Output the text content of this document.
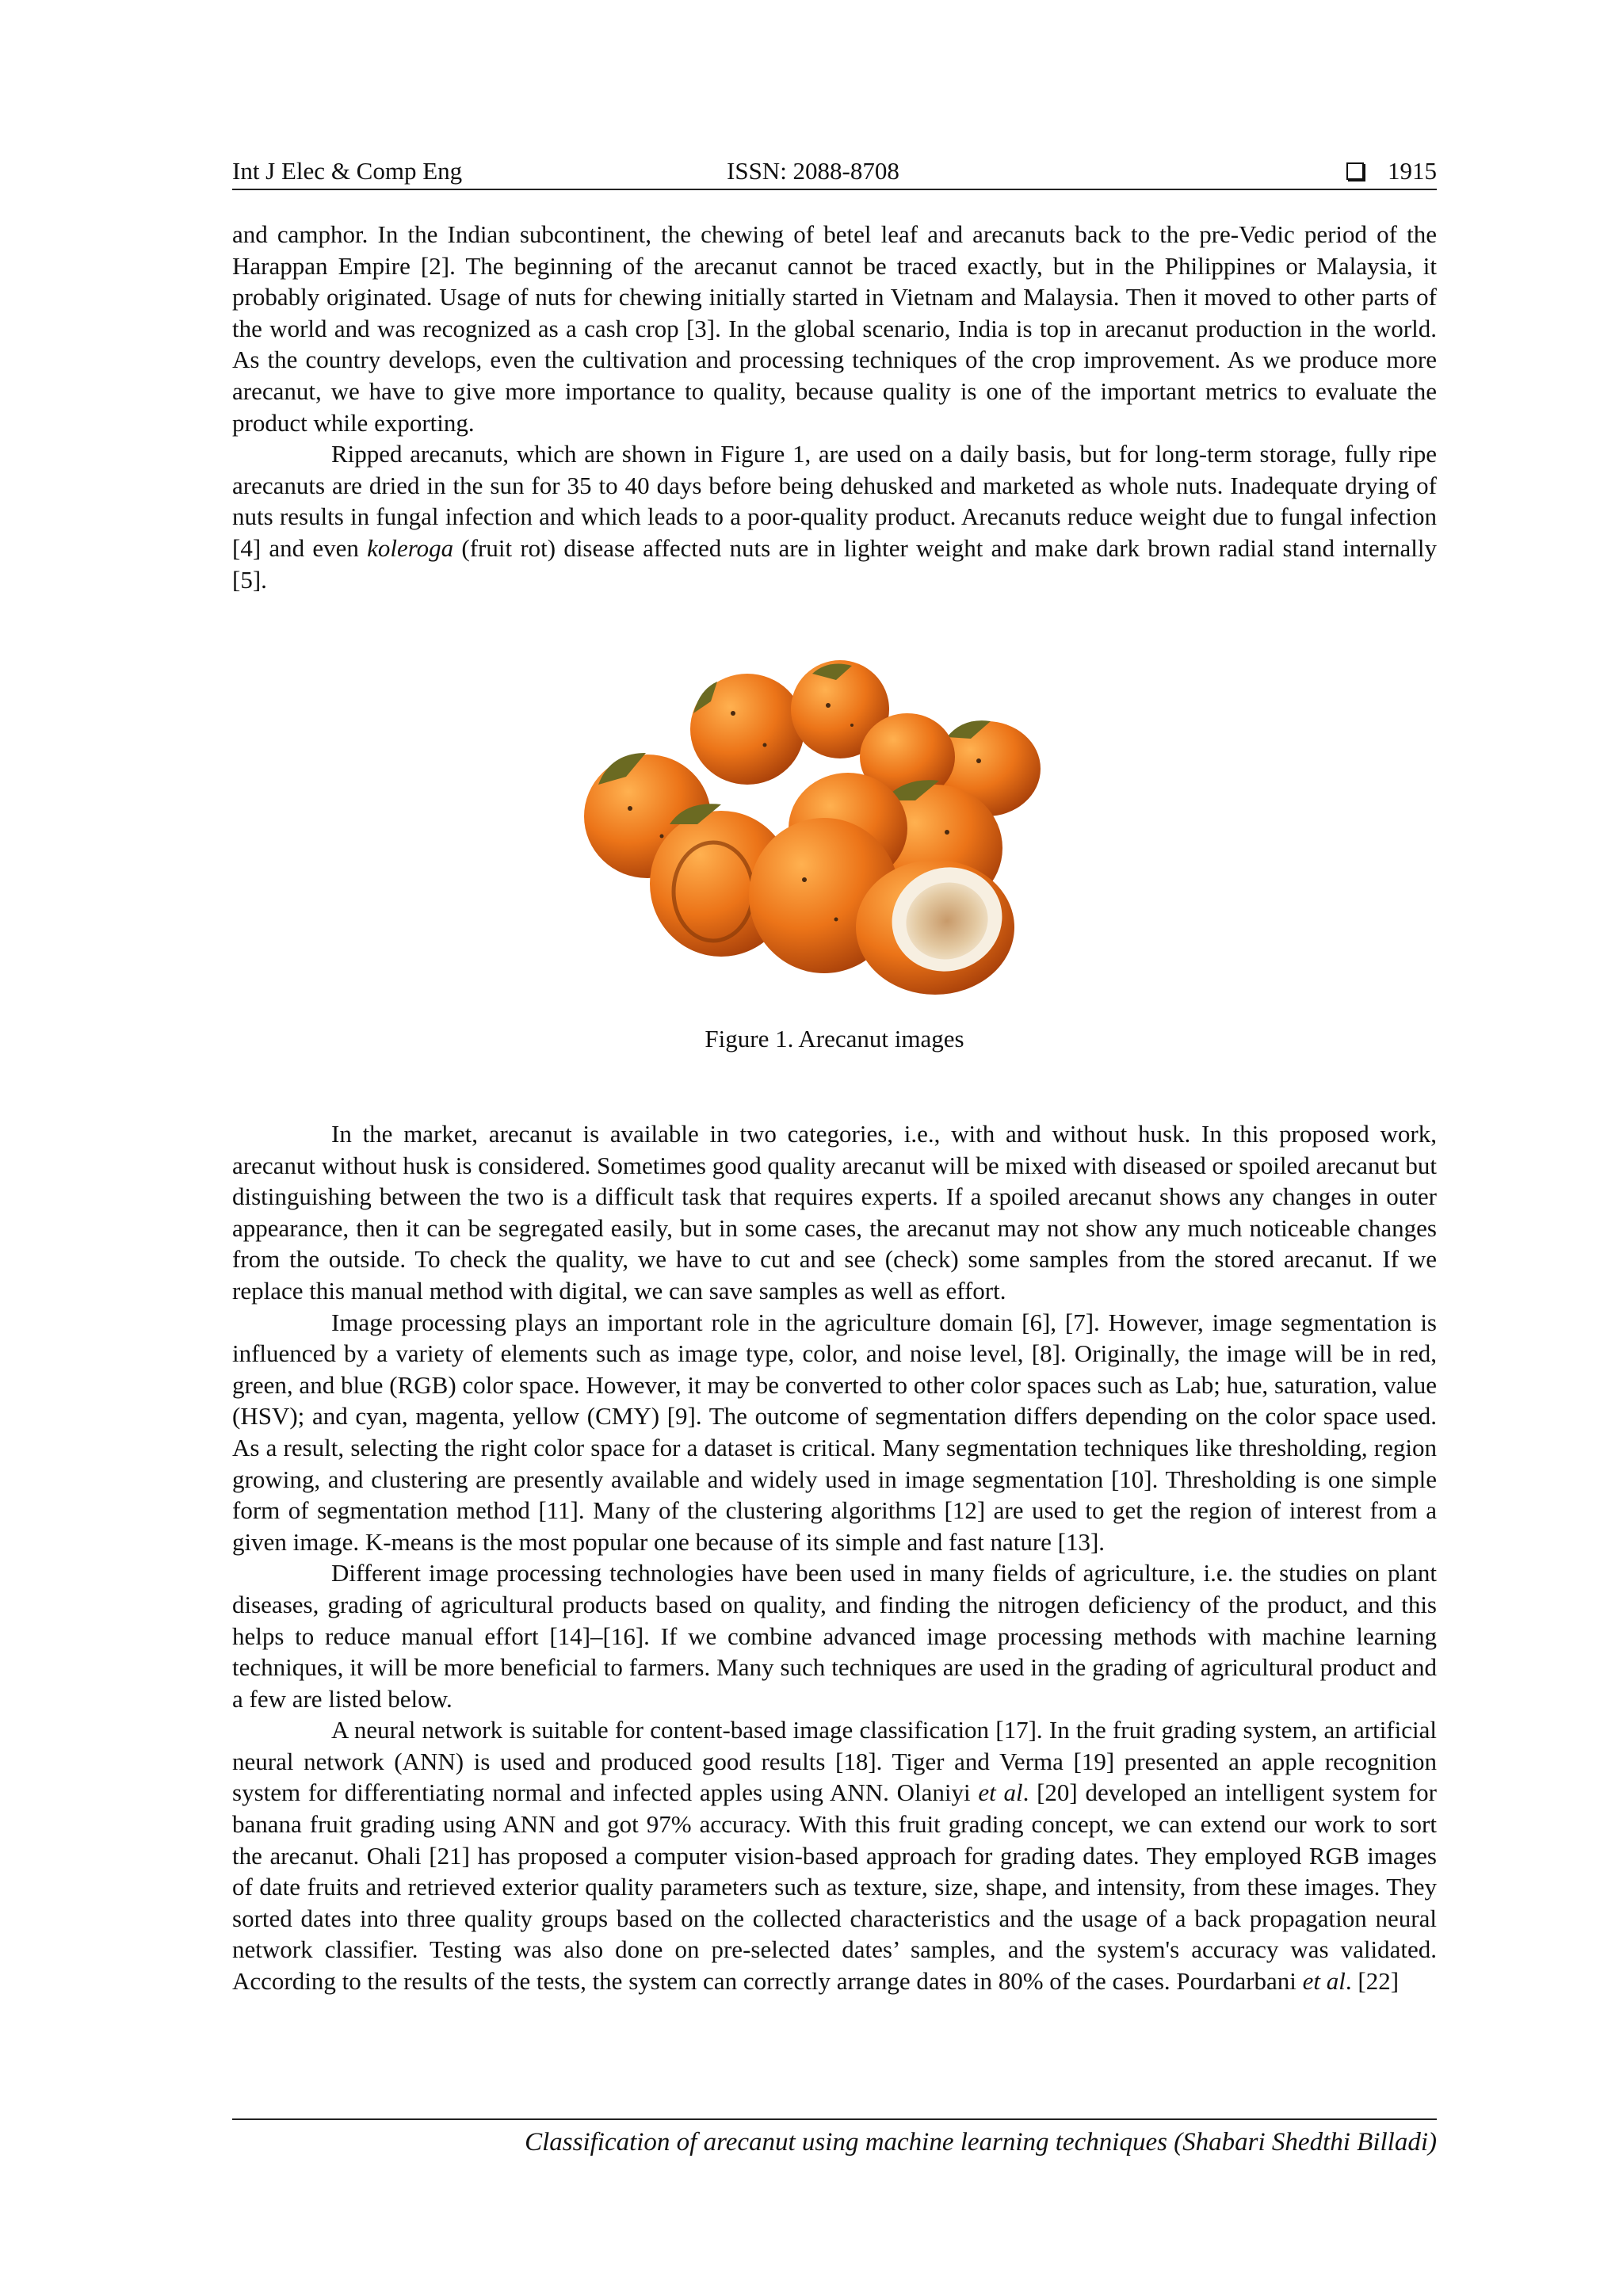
Int J Elec & Comp Eng	ISSN: 2088-8708	1915

and camphor. In the Indian subcontinent, the chewing of betel leaf and arecanuts back to the pre-Vedic period of the Harappan Empire [2]. The beginning of the arecanut cannot be traced exactly, but in the Philippines or Malaysia, it probably originated. Usage of nuts for chewing initially started in Vietnam and Malaysia. Then it moved to other parts of the world and was recognized as a cash crop [3]. In the global scenario, India is top in arecanut production in the world. As the country develops, even the cultivation and processing techniques of the crop improvement. As we produce more arecanut, we have to give more importance to quality, because quality is one of the important metrics to evaluate the product while exporting.

Ripped arecanuts, which are shown in Figure 1, are used on a daily basis, but for long-term storage, fully ripe arecanuts are dried in the sun for 35 to 40 days before being dehusked and marketed as whole nuts. Inadequate drying of nuts results in fungal infection and which leads to a poor-quality product. Arecanuts reduce weight due to fungal infection [4] and even koleroga (fruit rot) disease affected nuts are in lighter weight and make dark brown radial stand internally [5].

Figure 1. Arecanut images

In the market, arecanut is available in two categories, i.e., with and without husk. In this proposed work, arecanut without husk is considered. Sometimes good quality arecanut will be mixed with diseased or spoiled arecanut but distinguishing between the two is a difficult task that requires experts. If a spoiled arecanut shows any changes in outer appearance, then it can be segregated easily, but in some cases, the arecanut may not show any much noticeable changes from the outside. To check the quality, we have to cut and see (check) some samples from the stored arecanut. If we replace this manual method with digital, we can save samples as well as effort.

Image processing plays an important role in the agriculture domain [6], [7]. However, image segmentation is influenced by a variety of elements such as image type, color, and noise level, [8]. Originally, the image will be in red, green, and blue (RGB) color space. However, it may be converted to other color spaces such as Lab; hue, saturation, value (HSV); and cyan, magenta, yellow (CMY) [9]. The outcome of segmentation differs depending on the color space used. As a result, selecting the right color space for a dataset is critical. Many segmentation techniques like thresholding, region growing, and clustering are presently available and widely used in image segmentation [10]. Thresholding is one simple form of segmentation method [11]. Many of the clustering algorithms [12] are used to get the region of interest from a given image. K-means is the most popular one because of its simple and fast nature [13].

Different image processing technologies have been used in many fields of agriculture, i.e. the studies on plant diseases, grading of agricultural products based on quality, and finding the nitrogen deficiency of the product, and this helps to reduce manual effort [14]–[16]. If we combine advanced image processing methods with machine learning techniques, it will be more beneficial to farmers. Many such techniques are used in the grading of agricultural product and a few are listed below.

A neural network is suitable for content-based image classification [17]. In the fruit grading system, an artificial neural network (ANN) is used and produced good results [18]. Tiger and Verma [19] presented an apple recognition system for differentiating normal and infected apples using ANN. Olaniyi et al. [20] developed an intelligent system for banana fruit grading using ANN and got 97% accuracy. With this fruit grading concept, we can extend our work to sort the arecanut. Ohali [21] has proposed a computer vision-based approach for grading dates. They employed RGB images of date fruits and retrieved exterior quality parameters such as texture, size, shape, and intensity, from these images. They sorted dates into three quality groups based on the collected characteristics and the usage of a back propagation neural network classifier. Testing was also done on pre-selected dates’ samples, and the system's accuracy was validated. According to the results of the tests, the system can correctly arrange dates in 80% of the cases. Pourdarbani et al. [22]

Classification of arecanut using machine learning techniques (Shabari Shedthi Billadi)
